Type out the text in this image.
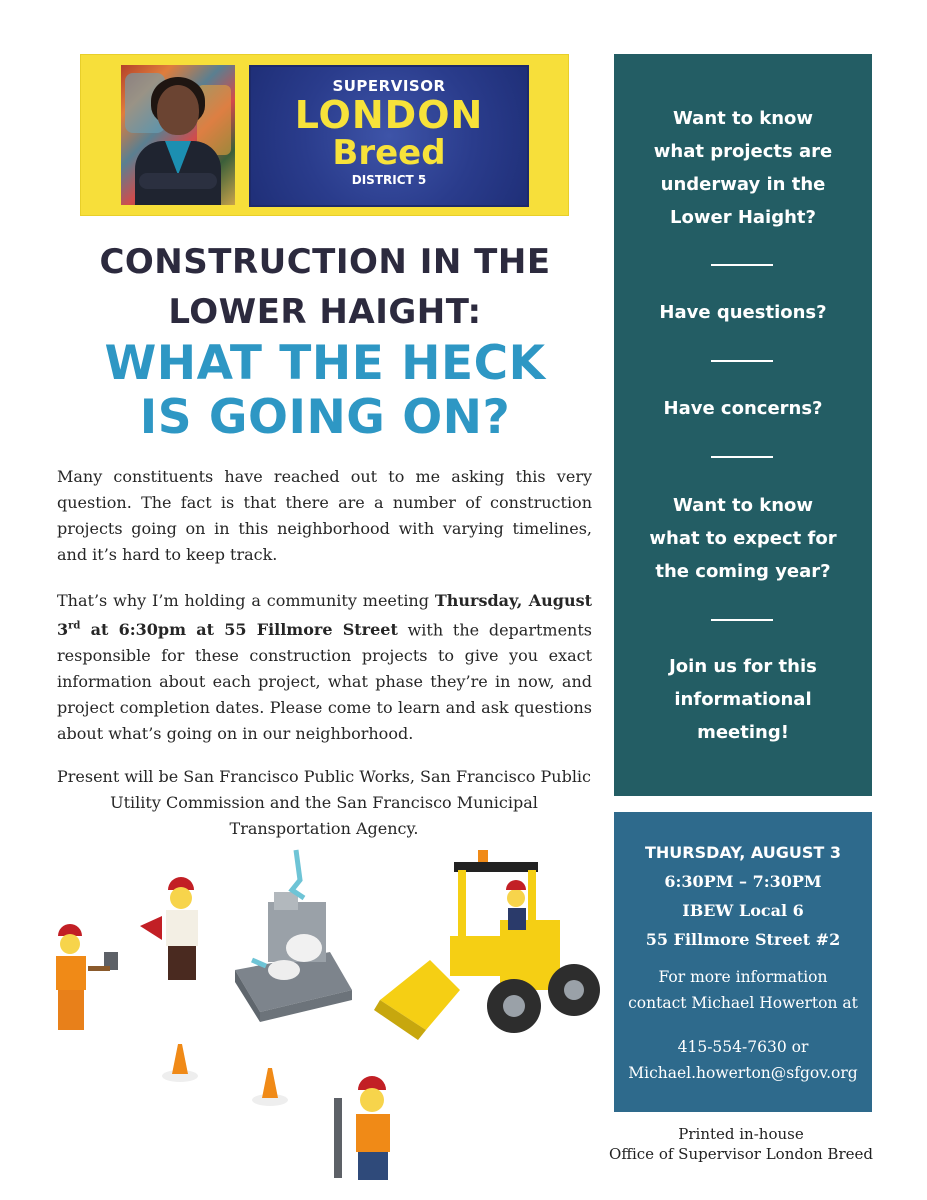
SUPERVISOR
LONDON
Breed
DISTRICT 5
CONSTRUCTION IN THE
LOWER HAIGHT:
WHAT THE HECK
IS GOING ON?
Many constituents have reached out to me asking this very question. The fact is that there are a number of construction projects going on in this neighborhood with varying timelines, and it’s hard to keep track.
That’s why I’m holding a community meeting Thursday, August 3rd at 6:30pm at 55 Fillmore Street with the departments responsible for these construction projects to give you exact information about each project, what phase they’re in now, and project completion dates. Please come to learn and ask questions about what’s going on in our neighborhood.
Present will be San Francisco Public Works, San Francisco Public Utility Commission and the San Francisco Municipal Transportation Agency.
Want to know
what projects are
underway in the
Lower Haight?
Have questions?
Have concerns?
Want to know
what to expect for
the coming year?
Join us for this
informational
meeting!
THURSDAY, AUGUST 3
6:30PM – 7:30PM
IBEW Local 6
55 Fillmore Street #2
For more information
contact Michael Howerton at
415-554-7630 or
Michael.howerton@sfgov.org
Printed in-house
Office of Supervisor London Breed
